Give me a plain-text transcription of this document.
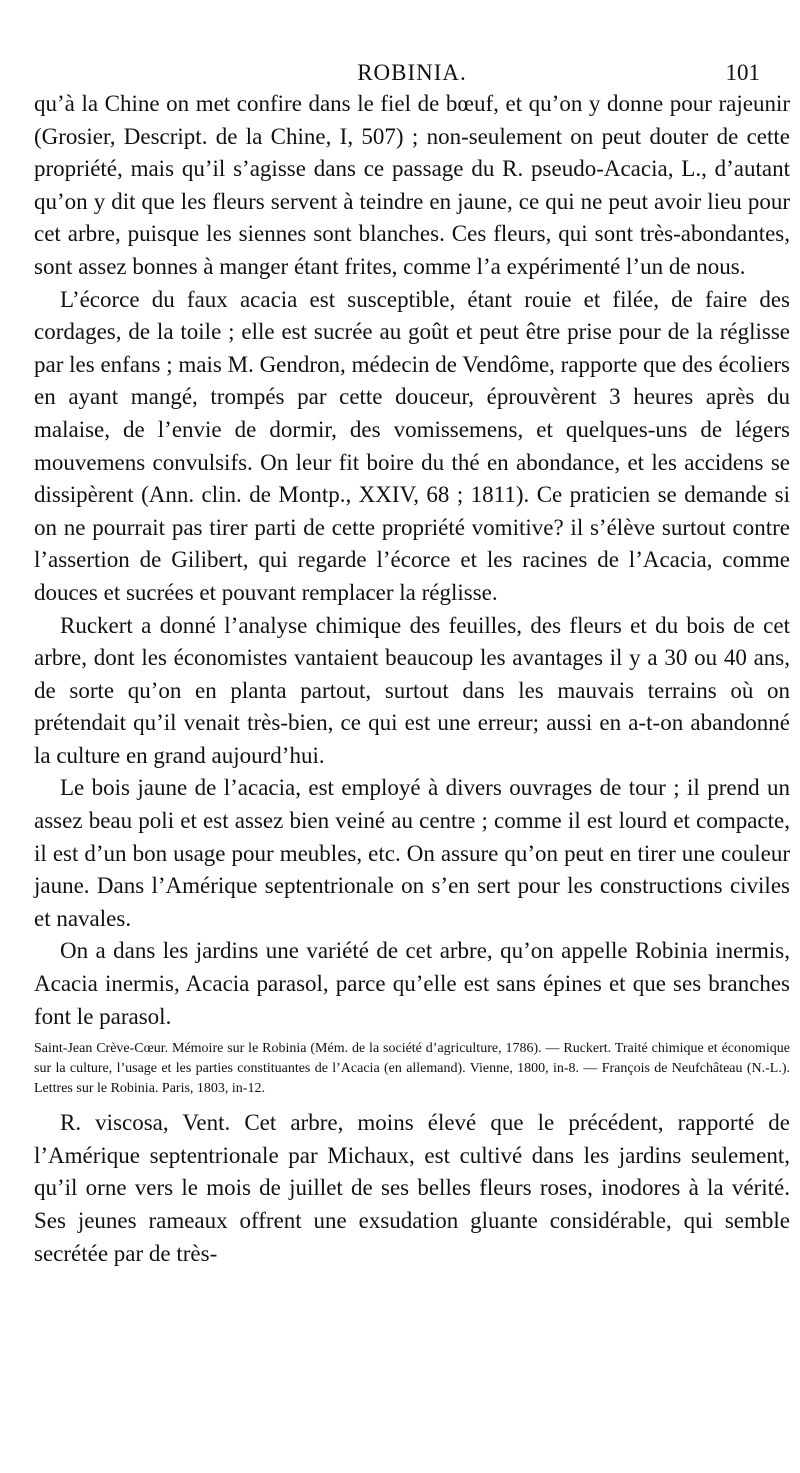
ROBINIA.	101

qu’à la Chine on met confire dans le fiel de bœuf, et qu’on y donne pour rajeunir (Grosier, Descript. de la Chine, I, 507) ; non-seulement on peut douter de cette propriété, mais qu’il s’agisse dans ce passage du R. pseudo-Acacia, L., d’autant qu’on y dit que les fleurs servent à teindre en jaune, ce qui ne peut avoir lieu pour cet arbre, puisque les siennes sont blanches. Ces fleurs, qui sont très-abondantes, sont assez bonnes à manger étant frites, comme l’a expérimenté l’un de nous.

L’écorce du faux acacia est susceptible, étant rouie et filée, de faire des cordages, de la toile ; elle est sucrée au goût et peut être prise pour de la réglisse par les enfans ; mais M. Gendron, médecin de Vendôme, rapporte que des écoliers en ayant mangé, trompés par cette douceur, éprouvèrent 3 heures après du malaise, de l’envie de dormir, des vomissemens, et quelques-uns de légers mouvemens convulsifs. On leur fit boire du thé en abondance, et les accidens se dissipèrent (Ann. clin. de Montp., XXIV, 68 ; 1811). Ce praticien se demande si on ne pourrait pas tirer parti de cette propriété vomitive? il s’élève surtout contre l’assertion de Gilibert, qui regarde l’écorce et les racines de l’Acacia, comme douces et sucrées et pouvant remplacer la réglisse.

Ruckert a donné l’analyse chimique des feuilles, des fleurs et du bois de cet arbre, dont les économistes vantaient beaucoup les avantages il y a 30 ou 40 ans, de sorte qu’on en planta partout, surtout dans les mauvais terrains où on prétendait qu’il venait très-bien, ce qui est une erreur; aussi en a-t-on abandonné la culture en grand aujourd’hui.

Le bois jaune de l’acacia, est employé à divers ouvrages de tour ; il prend un assez beau poli et est assez bien veiné au centre ; comme il est lourd et compacte, il est d’un bon usage pour meubles, etc. On assure qu’on peut en tirer une couleur jaune. Dans l’Amérique septentrionale on s’en sert pour les constructions civiles et navales.

On a dans les jardins une variété de cet arbre, qu’on appelle Robinia inermis, Acacia inermis, Acacia parasol, parce qu’elle est sans épines et que ses branches font le parasol.

Saint-Jean Crève-Cœur. Mémoire sur le Robinia (Mém. de la société d’agriculture, 1786). — Ruckert. Traité chimique et économique sur la culture, l’usage et les parties constituantes de l’Acacia (en allemand). Vienne, 1800, in-8. — François de Neufchâteau (N.-L.). Lettres sur le Robinia. Paris, 1803, in-12.

R. viscosa, Vent. Cet arbre, moins élevé que le précédent, rapporté de l’Amérique septentrionale par Michaux, est cultivé dans les jardins seulement, qu’il orne vers le mois de juillet de ses belles fleurs roses, inodores à la vérité. Ses jeunes rameaux offrent une exsudation gluante considérable, qui semble secrétée par de très-
